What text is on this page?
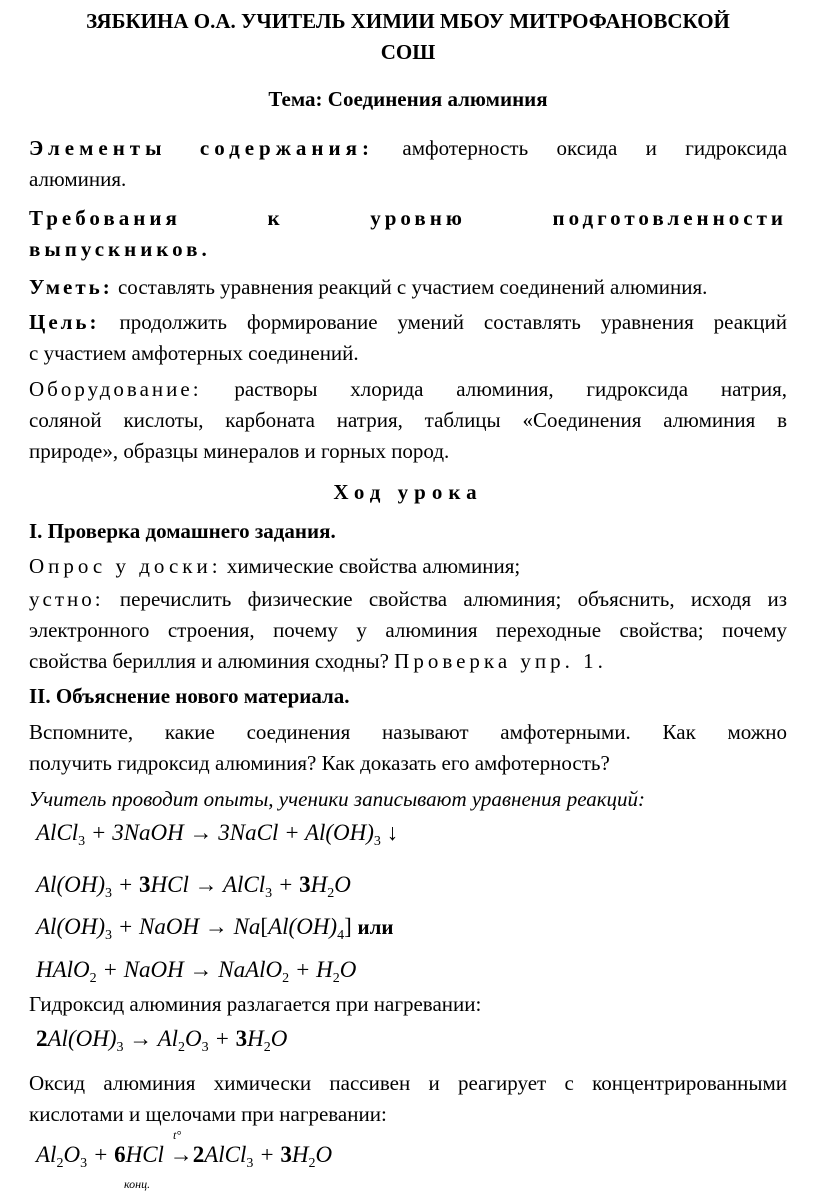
ЗЯБКИНА О.А. УЧИТЕЛЬ ХИМИИ МБОУ МИТРОФАНОВСКОЙ
СОШ
Тема: Соединения алюминия
Элементы содержания: амфотерность оксида и гидроксида
алюминия.
Требования к уровню подготовленности
выпускников.
Уметь: составлять уравнения реакций с участием соединений алюминия.
Цель: продолжить формирование умений составлять уравнения реакций
с участием амфотерных соединений.
Оборудование: растворы хлорида алюминия, гидроксида натрия,
соляной кислоты, карбоната натрия, таблицы «Соединения алюминия в
природе», образцы минералов и горных пород.
Ход урока
I. Проверка домашнего задания.
Опрос у доски: химические свойства алюминия;
устно: перечислить физические свойства алюминия; объяснить, исходя из
электронного строения, почему у алюминия переходные свойства; почему
свойства бериллия и алюминия сходны? Проверка упр. 1.
II. Объяснение нового материала.
Вспомните, какие соединения называют амфотерными. Как можно
получить гидроксид алюминия? Как доказать его амфотерность?
Учитель проводит опыты, ученики записывают уравнения реакций:
AlCl$_3$ + 3NaOH → 3NaCl + $Al(OH)_3$ ↓
$Al(OH)_3 + 3HCl$ → AlCl$_3$ + $3H_2O$
$Al(OH)_3$ + NaOH → $Na[Al(OH)_4]$ или
HAlO$_2$ + NaOH → NaAlO$_2$ + $H_2O$
Гидроксид алюминия разлагается при нагревании:
$2Al(OH)_3 \to Al_2O_3 + 3H_2O$
Оксид алюминия химически пассивен и реагирует с концентрированными
кислотами и щелочами при нагревании:
$Al_2O_3 + 6HCl$ →2AlCl$_3$ + $3H_2O$
t°
конц.
